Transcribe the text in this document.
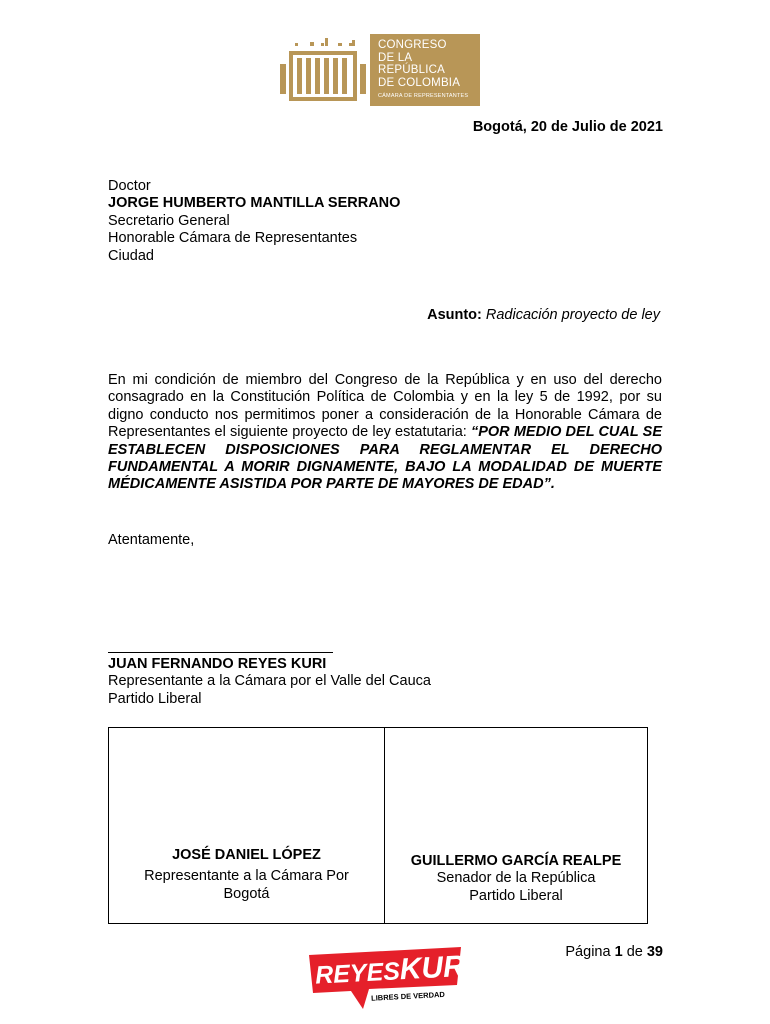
CONGRESO
DE LA REPÚBLICA
DE COLOMBIA
CÁMARA DE REPRESENTANTES
Bogotá, 20 de Julio de 2021
Doctor
JORGE HUMBERTO MANTILLA SERRANO
Secretario General
Honorable Cámara de Representantes
Ciudad
Asunto: Radicación proyecto de ley
En mi condición de miembro del Congreso de la República y en uso del derecho consagrado en la Constitución Política de Colombia y en la ley 5 de 1992, por su digno conducto nos permitimos poner a consideración de la Honorable Cámara de Representantes el siguiente proyecto de ley estatutaria: “POR MEDIO DEL CUAL SE ESTABLECEN DISPOSICIONES PARA REGLAMENTAR EL DERECHO FUNDAMENTAL A MORIR DIGNAMENTE, BAJO LA MODALIDAD DE MUERTE MÉDICAMENTE ASISTIDA POR PARTE DE MAYORES DE EDAD”.
Atentamente,
JUAN FERNANDO REYES KURI
Representante a la Cámara por el Valle del Cauca
Partido Liberal
JOSÉ DANIEL LÓPEZ
Representante a la Cámara Por Bogotá
GUILLERMO GARCÍA REALPE
Senador de la República
Partido Liberal
Página 1 de 39
REYESKURI
LIBRES DE VERDAD
